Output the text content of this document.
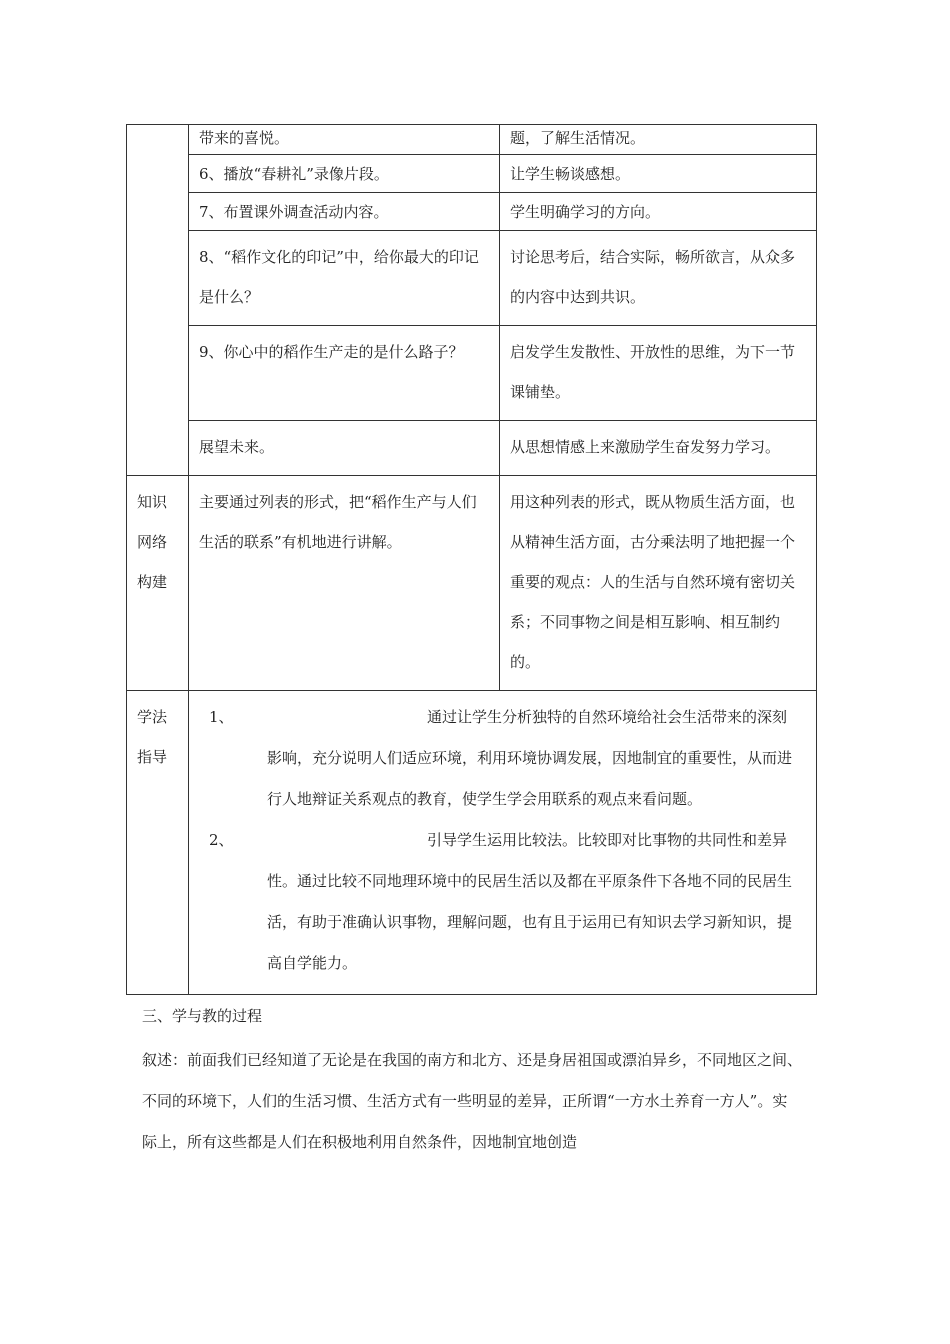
	带来的喜悦。	题，了解生活情况。

	6、播放“春耕礼”录像片段。	让学生畅谈感想。

	7、布置课外调查活动内容。	学生明确学习的方向。

	8、“稻作文化的印记”中，给你最大的印记是什么？	讨论思考后，结合实际，畅所欲言，从众多的内容中达到共识。

	9、你心中的稻作生产走的是什么路子？	启发学生发散性、开放性的思维，为下一节课铺垫。

	展望未来。	从思想情感上来激励学生奋发努力学习。

知识网络构建	主要通过列表的形式，把“稻作生产与人们生活的联系”有机地进行讲解。	用这种列表的形式，既从物质生活方面，也从精神生活方面，古分乘法明了地把握一个重要的观点：人的生活与自然环境有密切关系；不同事物之间是相互影响、相互制约的。

学法指导	1、 通过让学生分析独特的自然环境给社会生活带来的深刻影响，充分说明人们适应环境，利用环境协调发展，因地制宜的重要性，从而进行人地辩证关系观点的教育，使学生学会用联系的观点来看问题。
2、 引导学生运用比较法。比较即对比事物的共同性和差异性。通过比较不同地理环境中的民居生活以及都在平原条件下各地不同的民居生活，有助于准确认识事物，理解问题，也有且于运用已有知识去学习新知识，提高自学能力。	
三、学与教的过程
叙述：前面我们已经知道了无论是在我国的南方和北方、还是身居祖国或漂泊异乡，不同地区之间、不同的环境下，人们的生活习惯、生活方式有一些明显的差异，正所谓“一方水土养育一方人”。实际上，所有这些都是人们在积极地利用自然条件，因地制宜地创造
